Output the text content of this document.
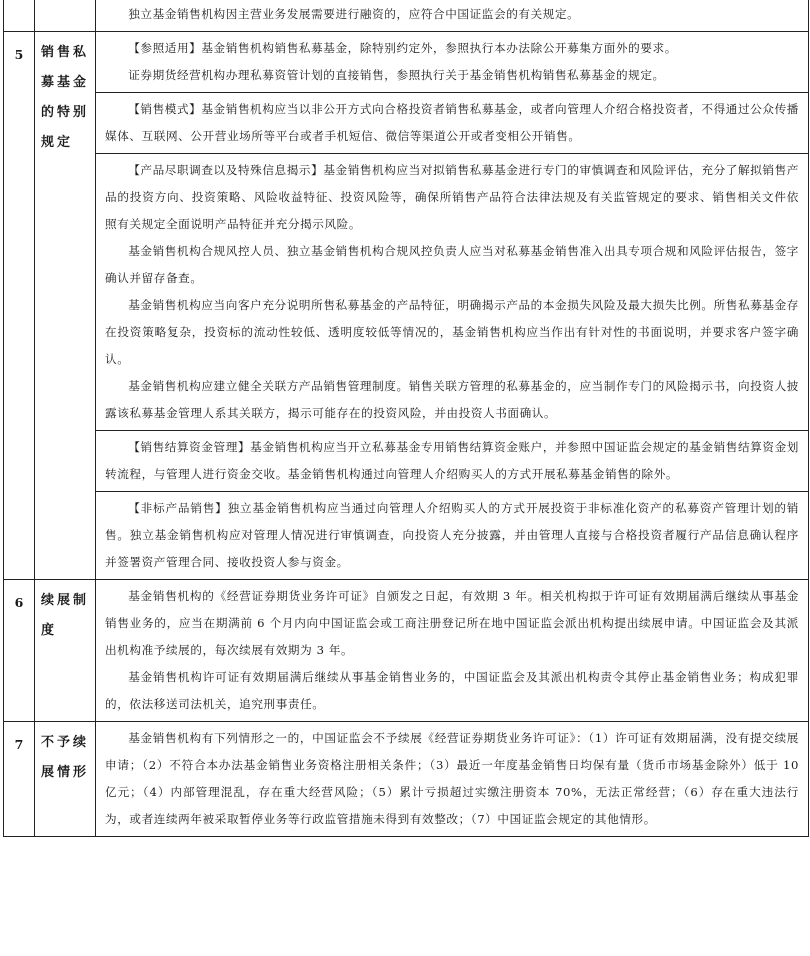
		独立基金销售机构因主营业务发展需要进行融资的，应符合中国证监会的有关规定。

5	销售私募基金的特别规定	【参照适用】基金销售机构销售私募基金，除特别约定外，参照执行本办法除公开募集方面外的要求。

证券期货经营机构办理私募资管计划的直接销售，参照执行关于基金销售机构销售私募基金的规定。

		【销售模式】基金销售机构应当以非公开方式向合格投资者销售私募基金，或者向管理人介绍合格投资者，不得通过公众传播媒体、互联网、公开营业场所等平台或者手机短信、微信等渠道公开或者变相公开销售。

		【产品尽职调查以及特殊信息揭示】基金销售机构应当对拟销售私募基金进行专门的审慎调查和风险评估，充分了解拟销售产品的投资方向、投资策略、风险收益特征、投资风险等，确保所销售产品符合法律法规及有关监管规定的要求、销售相关文件依照有关规定全面说明产品特征并充分揭示风险。

基金销售机构合规风控人员、独立基金销售机构合规风控负责人应当对私募基金销售准入出具专项合规和风险评估报告，签字确认并留存备查。

基金销售机构应当向客户充分说明所售私募基金的产品特征，明确揭示产品的本金损失风险及最大损失比例。所售私募基金存在投资策略复杂，投资标的流动性较低、透明度较低等情况的，基金销售机构应当作出有针对性的书面说明，并要求客户签字确认。

基金销售机构应建立健全关联方产品销售管理制度。销售关联方管理的私募基金的，应当制作专门的风险揭示书，向投资人披露该私募基金管理人系其关联方，揭示可能存在的投资风险，并由投资人书面确认。

		【销售结算资金管理】基金销售机构应当开立私募基金专用销售结算资金账户，并参照中国证监会规定的基金销售结算资金划转流程，与管理人进行资金交收。基金销售机构通过向管理人介绍购买人的方式开展私募基金销售的除外。

		【非标产品销售】独立基金销售机构应当通过向管理人介绍购买人的方式开展投资于非标准化资产的私募资产管理计划的销售。独立基金销售机构应对管理人情况进行审慎调查，向投资人充分披露，并由管理人直接与合格投资者履行产品信息确认程序并签署资产管理合同、接收投资人参与资金。

6	续展制度	基金销售机构的《经营证券期货业务许可证》自颁发之日起，有效期 3 年。相关机构拟于许可证有效期届满后继续从事基金销售业务的，应当在期满前 6 个月内向中国证监会或工商注册登记所在地中国证监会派出机构提出续展申请。中国证监会及其派出机构准予续展的，每次续展有效期为 3 年。

基金销售机构许可证有效期届满后继续从事基金销售业务的，中国证监会及其派出机构责令其停止基金销售业务；构成犯罪的，依法移送司法机关，追究刑事责任。

7	不予续展情形	基金销售机构有下列情形之一的，中国证监会不予续展《经营证券期货业务许可证》：（1）许可证有效期届满，没有提交续展申请；（2）不符合本办法基金销售业务资格注册相关条件；（3）最近一年度基金销售日均保有量（货币市场基金除外）低于 10 亿元；（4）内部管理混乱，存在重大经营风险；（5）累计亏损超过实缴注册资本 70%，无法正常经营；（6）存在重大违法行为，或者连续两年被采取暂停业务等行政监管措施未得到有效整改；（7）中国证监会规定的其他情形。
